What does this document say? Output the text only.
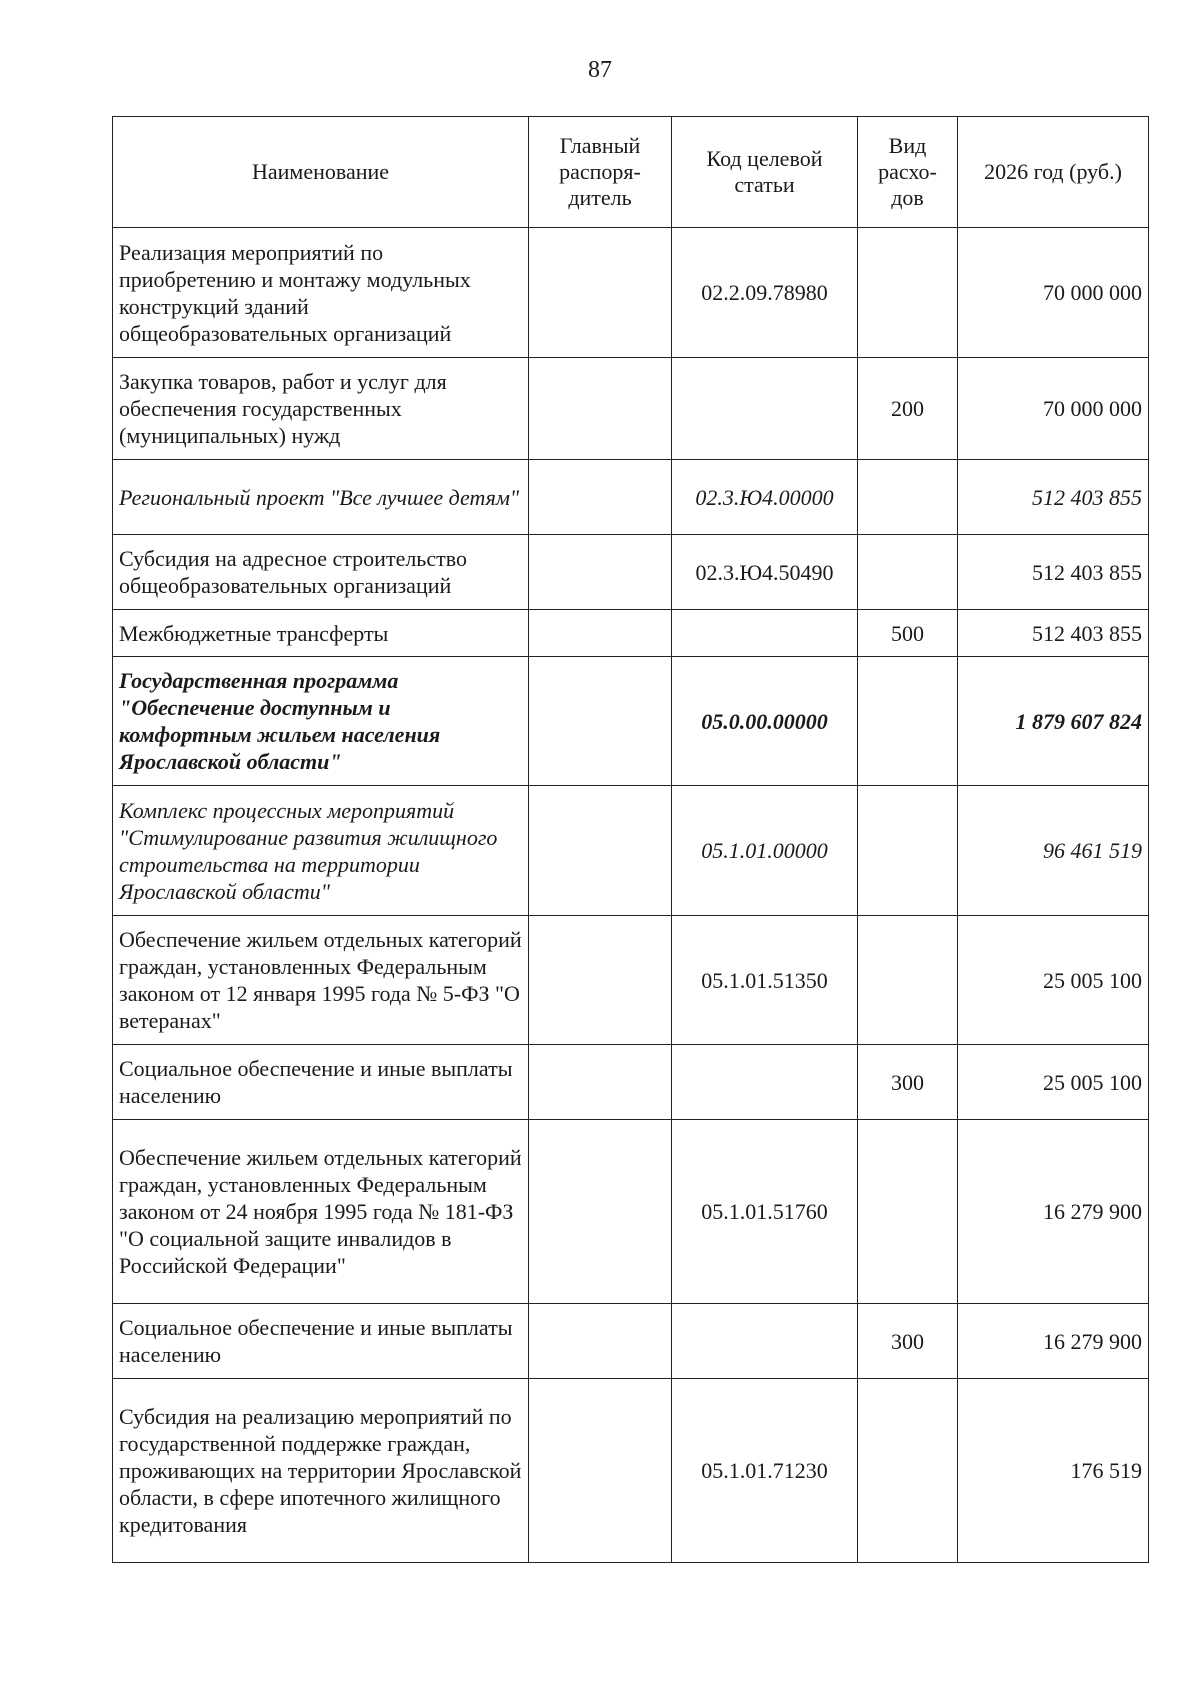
87
Наименование	Главный распоря-дитель	Код целевой статьи	Вид расхо-дов	2026 год (руб.)
Реализация мероприятий по приобретению и монтажу модульных конструкций зданий общеобразовательных организаций		02.2.09.78980		70 000 000
Закупка товаров, работ и услуг для обеспечения государственных (муниципальных) нужд			200	70 000 000
Региональный проект "Все лучшее детям"		02.3.Ю4.00000		512 403 855
Субсидия на адресное строительство общеобразовательных организаций		02.3.Ю4.50490		512 403 855
Межбюджетные трансферты			500	512 403 855
Государственная программа "Обеспечение доступным и комфортным жильем населения Ярославской области"		05.0.00.00000		1 879 607 824
Комплекс процессных мероприятий "Стимулирование развития жилищного строительства на территории Ярославской области"		05.1.01.00000		96 461 519
Обеспечение жильем отдельных категорий граждан, установленных Федеральным законом от 12 января 1995 года № 5-ФЗ "О ветеранах"		05.1.01.51350		25 005 100
Социальное обеспечение и иные выплаты населению			300	25 005 100
Обеспечение жильем отдельных категорий граждан, установленных Федеральным законом от 24 ноября 1995 года № 181-ФЗ "О социальной защите инвалидов в Российской Федерации"		05.1.01.51760		16 279 900
Социальное обеспечение и иные выплаты населению			300	16 279 900
Субсидия на реализацию мероприятий по государственной поддержке граждан, проживающих на территории Ярославской области, в сфере ипотечного жилищного кредитования		05.1.01.71230		176 519
